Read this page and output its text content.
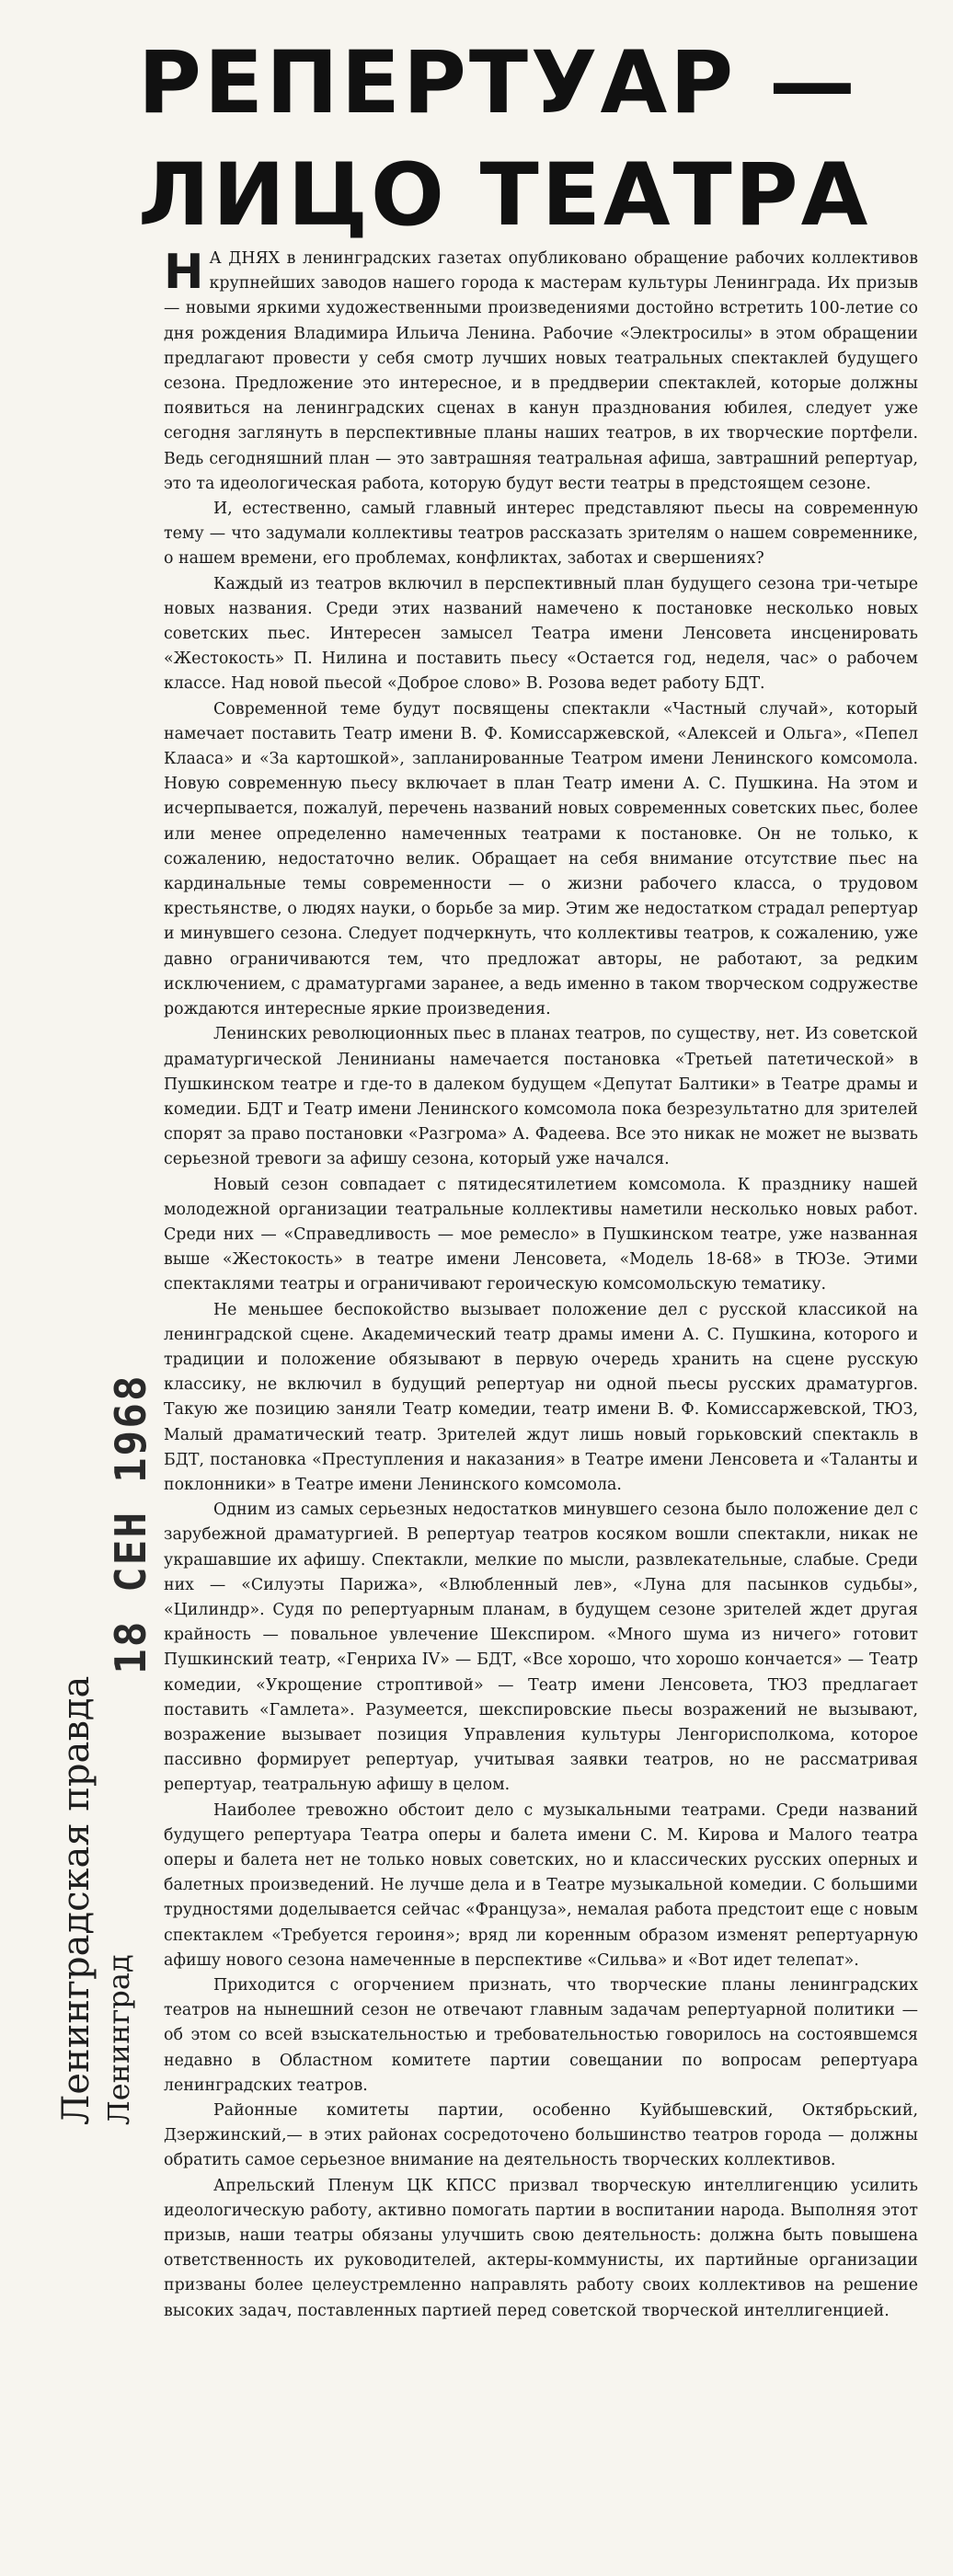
РЕПЕРТУАР —
ЛИЦО ТЕАТРА

Н А ДНЯХ в ленинградских газетах опубликовано обращение рабочих коллективов крупнейших заводов нашего города к мастерам культуры Ленинграда. Их призыв — новыми яркими художественными произведениями достойно встретить 100-летие со дня рождения Владимира Ильича Ленина. Рабочие «Электросилы» в этом обращении предлагают провести у себя смотр лучших новых театральных спектаклей будущего сезона. Предложение это интересное, и в преддверии спектаклей, которые должны появиться на ленинградских сценах в канун празднования юбилея, следует уже сегодня заглянуть в перспективные планы наших театров, в их творческие портфели. Ведь сегодняшний план — это завтрашняя театральная афиша, завтрашний репертуар, это та идеологическая работа, которую будут вести театры в предстоящем сезоне.

И, естественно, самый главный интерес представляют пьесы на современную тему — что задумали коллективы театров рассказать зрителям о нашем современнике, о нашем времени, его проблемах, конфликтах, заботах и свершениях?

Каждый из театров включил в перспективный план будущего сезона три-четыре новых названия. Среди этих названий намечено к постановке несколько новых советских пьес. Интересен замысел Театра имени Ленсовета инсценировать «Жестокость» П. Нилина и поставить пьесу «Остается год, неделя, час» о рабочем классе. Над новой пьесой «Доброе слово» В. Розова ведет работу БДТ.

Современной теме будут посвящены спектакли «Частный случай», который намечает поставить Театр имени В. Ф. Комиссаржевской, «Алексей и Ольга», «Пепел Клааса» и «За картошкой», запланированные Театром имени Ленинского комсомола. Новую современную пьесу включает в план Театр имени А. С. Пушкина. На этом и исчерпывается, пожалуй, перечень названий новых современных советских пьес, более или менее определенно намеченных театрами к постановке. Он не только, к сожалению, недостаточно велик. Обращает на себя внимание отсутствие пьес на кардинальные темы современности — о жизни рабочего класса, о трудовом крестьянстве, о людях науки, о борьбе за мир. Этим же недостатком страдал репертуар и минувшего сезона. Следует подчеркнуть, что коллективы театров, к сожалению, уже давно ограничиваются тем, что предложат авторы, не работают, за редким исключением, с драматургами заранее, а ведь именно в таком творческом содружестве рождаются интересные яркие произведения.

Ленинских революционных пьес в планах театров, по существу, нет. Из советской драматургической Ленинианы намечается постановка «Третьей патетической» в Пушкинском театре и где-то в далеком будущем «Депутат Балтики» в Театре драмы и комедии. БДТ и Театр имени Ленинского комсомола пока безрезультатно для зрителей спорят за право постановки «Разгрома» А. Фадеева. Все это никак не может не вызвать серьезной тревоги за афишу сезона, который уже начался.

Новый сезон совпадает с пятидесятилетием комсомола. К празднику нашей молодежной организации театральные коллективы наметили несколько новых работ. Среди них — «Справедливость — мое ремесло» в Пушкинском театре, уже названная выше «Жестокость» в театре имени Ленсовета, «Модель 18-68» в ТЮЗе. Этими спектаклями театры и ограничивают героическую комсомольскую тематику.

Не меньшее беспокойство вызывает положение дел с русской классикой на ленинградской сцене. Академический театр драмы имени А. С. Пушкина, которого и традиции и положение обязывают в первую очередь хранить на сцене русскую классику, не включил в будущий репертуар ни одной пьесы русских драматургов. Такую же позицию заняли Театр комедии, театр имени В. Ф. Комиссаржевской, ТЮЗ, Малый драматический театр. Зрителей ждут лишь новый горьковский спектакль в БДТ, постановка «Преступления и наказания» в Театре имени Ленсовета и «Таланты и поклонники» в Театре имени Ленинского комсомола.

Одним из самых серьезных недостатков минувшего сезона было положение дел с зарубежной драматургией. В репертуар театров косяком вошли спектакли, никак не украшавшие их афишу. Спектакли, мелкие по мысли, развлекательные, слабые. Среди них — «Силуэты Парижа», «Влюбленный лев», «Луна для пасынков судьбы», «Цилиндр». Судя по репертуарным планам, в будущем сезоне зрителей ждет другая крайность — повальное увлечение Шекспиром. «Много шума из ничего» готовит Пушкинский театр, «Генриха IV» — БДТ, «Все хорошо, что хорошо кончается» — Театр комедии, «Укрощение строптивой» — Театр имени Ленсовета, ТЮЗ предлагает поставить «Гамлета». Разумеется, шекспировские пьесы возражений не вызывают, возражение вызывает позиция Управления культуры Ленгорисполкома, которое пассивно формирует репертуар, учитывая заявки театров, но не рассматривая репертуар, театральную афишу в целом.

Наиболее тревожно обстоит дело с музыкальными театрами. Среди названий будущего репертуара Театра оперы и балета имени С. М. Кирова и Малого театра оперы и балета нет не только новых советских, но и классических русских оперных и балетных произведений. Не лучше дела и в Театре музыкальной комедии. С большими трудностями доделывается сейчас «Француза», немалая работа предстоит еще с новым спектаклем «Требуется героиня»; вряд ли коренным образом изменят репертуарную афишу нового сезона намеченные в перспективе «Сильва» и «Вот идет телепат».

Приходится с огорчением признать, что творческие планы ленинградских театров на нынешний сезон не отвечают главным задачам репертуарной политики — об этом со всей взыскательностью и требовательностью говорилось на состоявшемся недавно в Областном комитете партии совещании по вопросам репертуара ленинградских театров.

Районные комитеты партии, особенно Куйбышевский, Октябрьский, Дзержинский,— в этих районах сосредоточено большинство театров города — должны обратить самое серьезное внимание на деятельность творческих коллективов.

Апрельский Пленум ЦК КПСС призвал творческую интеллигенцию усилить идеологическую работу, активно помогать партии в воспитании народа. Выполняя этот призыв, наши театры обязаны улучшить свою деятельность: должна быть повышена ответственность их руководителей, актеры-коммунисты, их партийные организации призваны более целеустремленно направлять работу своих коллективов на решение высоких задач, поставленных партией перед советской творческой интеллигенцией.

18 СЕН 1968
Ленинградская правда Ленинград
